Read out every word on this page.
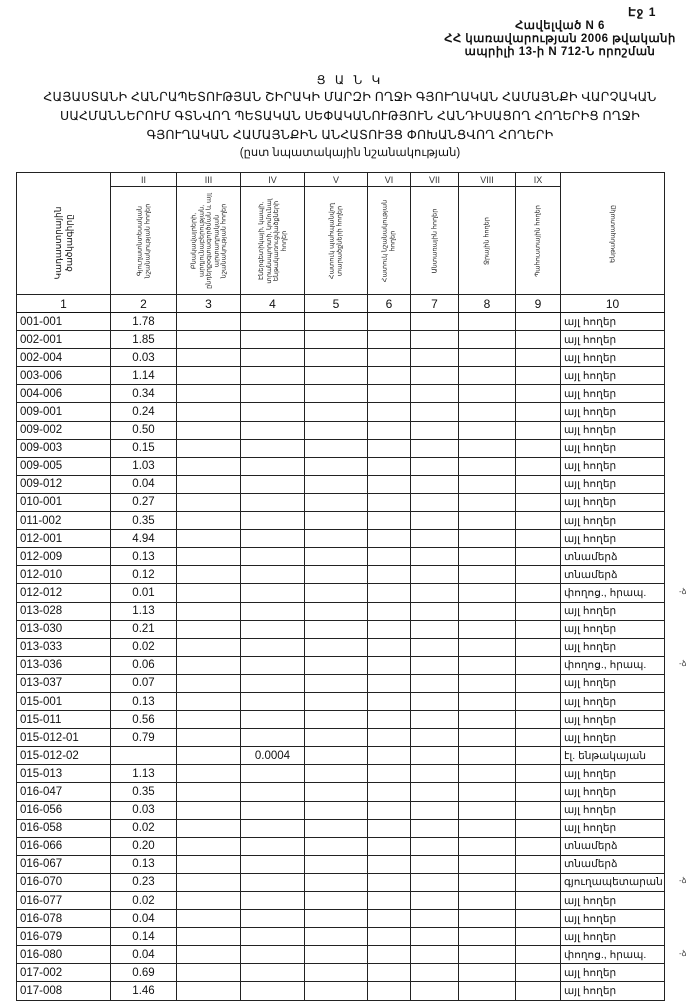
Էջ 1
Հավելված N 6
ՀՀ կառավարության 2006 թվականի
ապրիլի 13-ի N 712-Ն որոշման
Ց Ա Ն Կ
ՀԱՅԱՍՏԱՆԻ ՀԱՆՐԱՊԵՏՈՒԹՅԱՆ ՇԻՐԱԿԻ ՄԱՐԶԻ ՈՂՋԻ ԳՅՈՒՂԱԿԱՆ ՀԱՄԱՅՆՔԻ ՎԱՐՉԱԿԱՆ
ՍԱՀՄԱՆՆԵՐՈՒՄ ԳՏՆՎՈՂ ՊԵՏԱԿԱՆ ՍԵՓԱԿԱՆՈՒԹՅՈՒՆ ՀԱՆԴԻՍԱՑՈՂ ՀՈՂԵՐԻՑ ՈՂՋԻ
ԳՅՈՒՂԱԿԱՆ ՀԱՄԱՅՆՔԻՆ ԱՆՀԱՏՈՒՅՑ ՓՈԽԱՆՑՎՈՂ ՀՈՂԵՐԻ
(ըստ նպատակային նշանակության)
Կադաստրային ծածկագիրը	II	III	IV	V	VI	VII	VIII	IX	Ենթանպատակը

	Գյուղատնտեսական նշանակության հողեր	Բնակավայրերի, արդյունաբերության, ընդերքօգտագործման և այլ արտադրական նշանակության հողեր	Էներգետիկայի, կապի, տրանսպորտի, կոմունալ ենթակառուցվածքների հողեր	Հատուկ պահպանվող տարածքների հողեր	Հատուկ նշանակության հողեր	Անտառային հողեր	Ջրային հողեր	Պահուստային հողեր	

1	2	3	4	5	6	7	8	9	10
001-001	1.78								այլ հողեր
002-001	1.85								այլ հողեր
002-004	0.03								այլ հողեր
003-006	1.14								այլ հողեր
004-006	0.34								այլ հողեր
009-001	0.24								այլ հողեր
009-002	0.50								այլ հողեր
009-003	0.15								այլ հողեր
009-005	1.03								այլ հողեր
009-012	0.04								այլ հողեր
010-001	0.27								այլ հողեր
011-002	0.35								այլ հողեր
012-001	4.94								այլ հողեր
012-009	0.13								տնամերձ
012-010	0.12								տնամերձ
012-012	0.01								փողոց., հրապ.
013-028	1.13								այլ հողեր
013-030	0.21								այլ հողեր
013-033	0.02								այլ հողեր
013-036	0.06								փողոց., հրապ.
013-037	0.07								այլ հողեր
015-001	0.13								այլ հողեր
015-011	0.56								այլ հողեր
015-012-01	0.79								այլ հողեր
015-012-02			0.0004						էլ. ենթակայան
015-013	1.13								այլ հողեր
016-047	0.35								այլ հողեր
016-056	0.03								այլ հողեր
016-058	0.02								այլ հողեր
016-066	0.20								տնամերձ
016-067	0.13								տնամերձ
016-070	0.23								գյուղապետարան
016-077	0.02								այլ հողեր
016-078	0.04								այլ հողեր
016-079	0.14								այլ հողեր
016-080	0.04								փողոց., հրապ.
017-002	0.69								այլ հողեր
017-008	1.46								այլ հողեր
-ձ
-ձ
-ձ
-ձ
